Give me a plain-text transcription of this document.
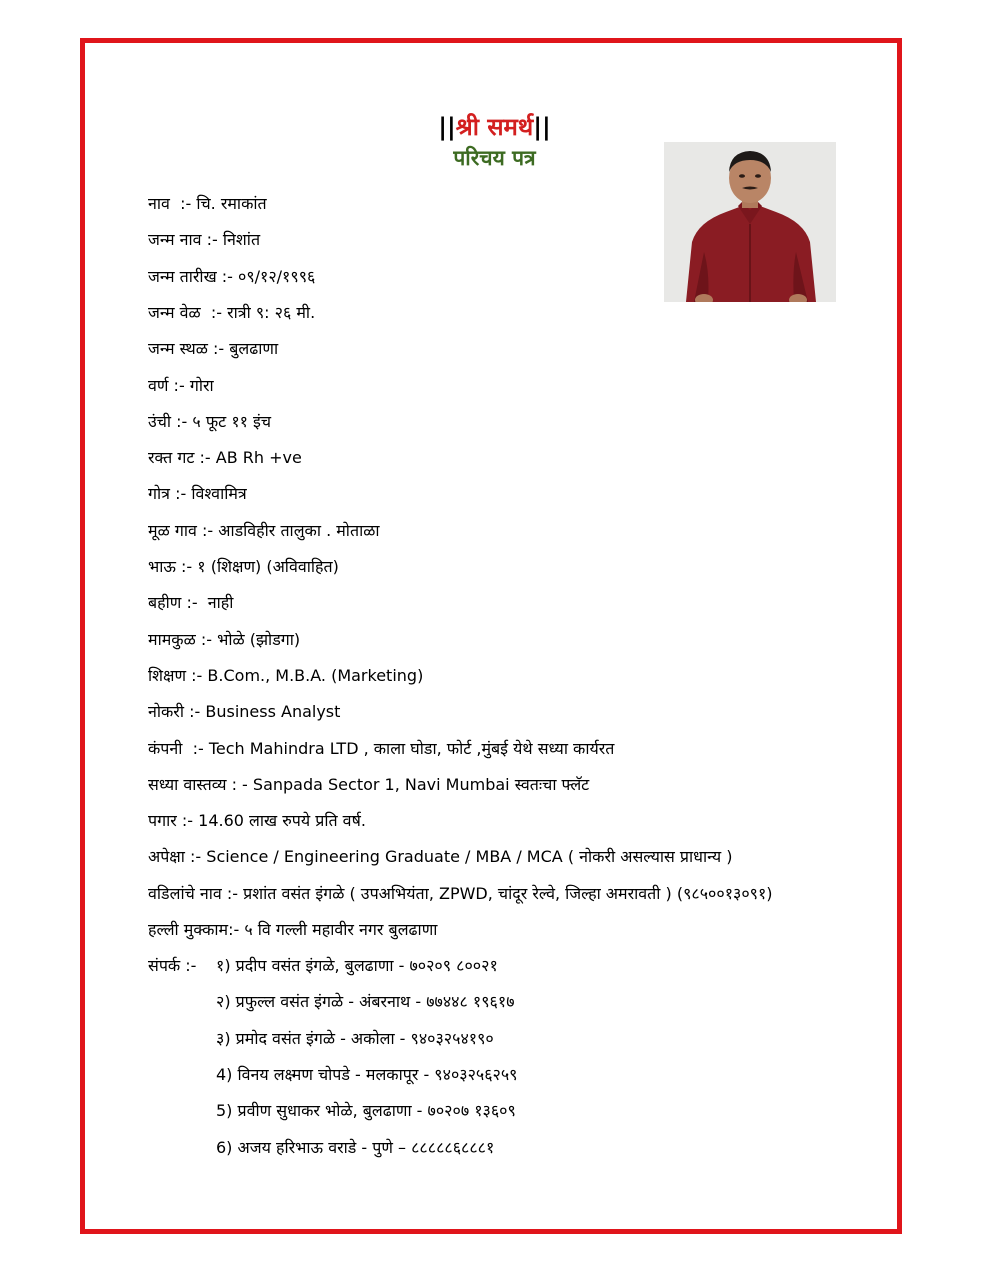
||श्री समर्थ||
परिचय पत्र
नाव  :- चि. रमाकांत
जन्म नाव :- निशांत
जन्म तारीख :- ०९/१२/१९९६
जन्म वेळ  :- रात्री ९: २६ मी.
जन्म स्थळ :- बुलढाणा
वर्ण :- गोरा
उंची :- ५ फूट ११ इंच
रक्त गट :- AB Rh +ve
गोत्र :- विश्वामित्र
मूळ गाव :- आडविहीर तालुका . मोताळा
भाऊ :- १ (शिक्षण) (अविवाहित)
बहीण :-  नाही
मामकुळ :- भोळे (झोडगा)
शिक्षण :- B.Com., M.B.A. (Marketing)
नोकरी :- Business Analyst
कंपनी  :- Tech Mahindra LTD , काला घोडा, फोर्ट ,मुंबई येथे सध्या कार्यरत
सध्या वास्तव्य : - Sanpada Sector 1, Navi Mumbai स्वतःचा फ्लॅट
पगार :- 14.60 लाख रुपये प्रति वर्ष.
अपेक्षा :- Science / Engineering Graduate / MBA / MCA ( नोकरी असल्यास प्राधान्य )
वडिलांचे नाव :- प्रशांत वसंत इंगळे ( उपअभियंता, ZPWD, चांदूर रेल्वे, जिल्हा अमरावती ) (९८५००१३०९१)
हल्ली मुक्काम:- ५ वि गल्ली महावीर नगर बुलढाणा
संपर्क :- १) प्रदीप वसंत इंगळे, बुलढाणा - ७०२०९ ८००२१
२) प्रफुल्ल वसंत इंगळे - अंबरनाथ - ७७४४८ १९६१७
३) प्रमोद वसंत इंगळे - अकोला - ९४०३२५४१९०
4) विनय लक्ष्मण चोपडे - मलकापूर - ९४०३२५६२५९
5) प्रवीण सुधाकर भोळे, बुलढाणा - ७०२०७ १३६०९
6) अजय हरिभाऊ वराडे - पुणे – ८८८८८६८८८१
